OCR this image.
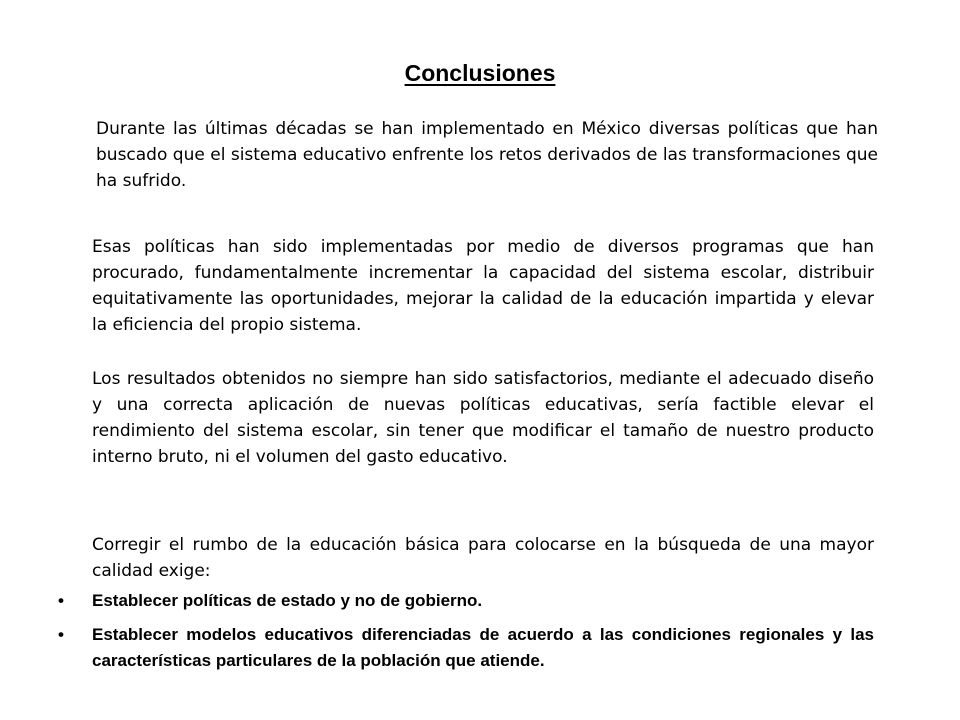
Conclusiones

Durante las últimas décadas se han implementado en México diversas políticas que han buscado que el sistema educativo enfrente los retos derivados de las transformaciones que ha sufrido.

Esas políticas han sido implementadas por medio de diversos programas que han procurado, fundamentalmente incrementar la capacidad del sistema escolar, distribuir equitativamente las oportunidades, mejorar la calidad de la educación impartida y elevar la eficiencia del propio sistema.

Los resultados obtenidos no siempre han sido satisfactorios, mediante el adecuado diseño y una correcta aplicación de nuevas políticas educativas, sería factible elevar el rendimiento del sistema escolar, sin tener que modificar el tamaño de nuestro producto interno bruto, ni el volumen del gasto educativo.

Corregir el rumbo de la educación básica para colocarse en la búsqueda de una mayor calidad exige:

• Establecer políticas de estado y no de gobierno.
• Establecer modelos educativos diferenciadas de acuerdo a las condiciones regionales y las características particulares de la población que atiende.
